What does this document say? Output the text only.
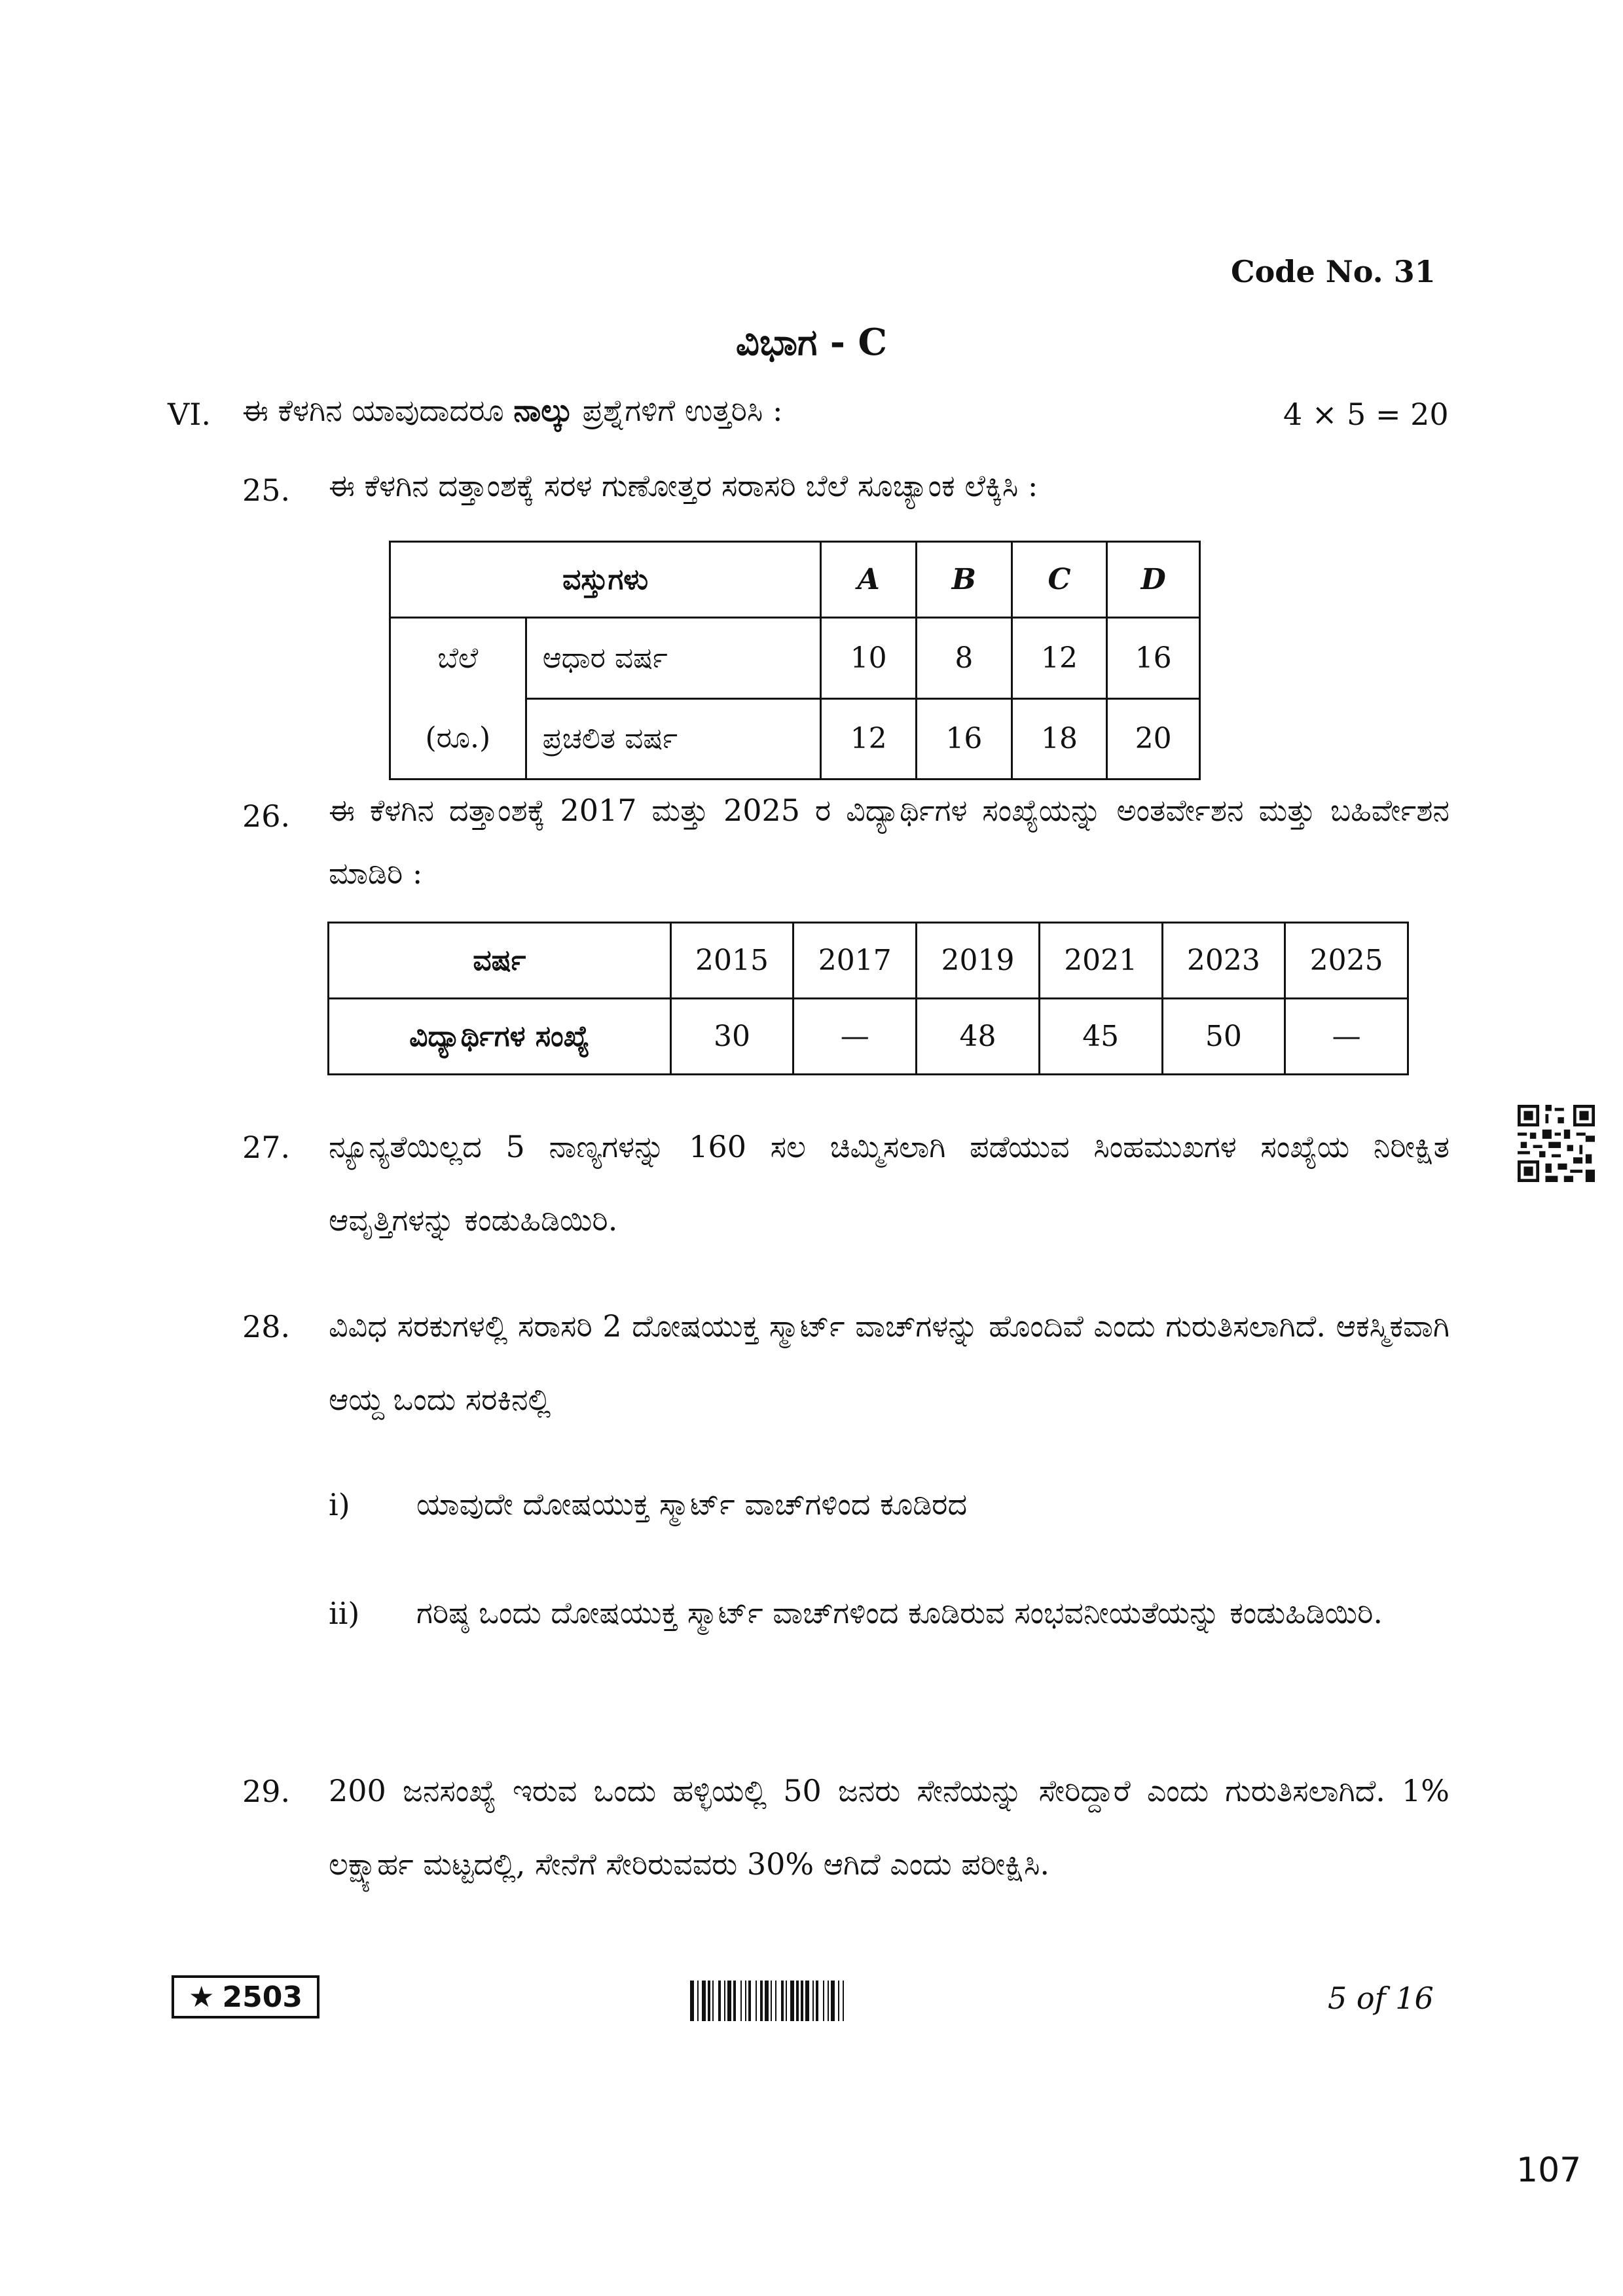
Code No. 31
ವಿಭಾಗ - C
VI. ಈ ಕೆಳಗಿನ ಯಾವುದಾದರೂ ನಾಲ್ಕು ಪ್ರಶ್ನೆಗಳಿಗೆ ಉತ್ತರಿಸಿ :	4 × 5 = 20
25. ಈ ಕೆಳಗಿನ ದತ್ತಾಂಶಕ್ಕೆ ಸರಳ ಗುಣೋತ್ತರ ಸರಾಸರಿ ಬೆಲೆ ಸೂಚ್ಯಾಂಕ ಲೆಕ್ಕಿಸಿ :
ವಸ್ತುಗಳು		A	B	C	D

ಬೆಲೆ
(ರೂ.)	ಆಧಾರ ವರ್ಷ	10	8	12	16
	ಪ್ರಚಲಿತ ವರ್ಷ	12	16	18	20
26. ಈ ಕೆಳಗಿನ ದತ್ತಾಂಶಕ್ಕೆ 2017 ಮತ್ತು 2025 ರ ವಿದ್ಯಾರ್ಥಿಗಳ ಸಂಖ್ಯೆಯನ್ನು ಅಂತರ್ವೇಶನ ಮತ್ತು ಬಹಿರ್ವೇಶನ ಮಾಡಿರಿ :
ವರ್ಷ	2015	2017	2019	2021	2023	2025
ವಿದ್ಯಾರ್ಥಿಗಳ ಸಂಖ್ಯೆ	30	—	48	45	50	—
27. ನ್ಯೂನ್ಯತೆಯಿಲ್ಲದ 5 ನಾಣ್ಯಗಳನ್ನು 160 ಸಲ ಚಿಮ್ಮಿಸಲಾಗಿ ಪಡೆಯುವ ಸಿಂಹಮುಖಗಳ ಸಂಖ್ಯೆಯ ನಿರೀಕ್ಷಿತ ಆವೃತ್ತಿಗಳನ್ನು ಕಂಡುಹಿಡಿಯಿರಿ.
28. ವಿವಿಧ ಸರಕುಗಳಲ್ಲಿ ಸರಾಸರಿ 2 ದೋಷಯುಕ್ತ ಸ್ಮಾರ್ಟ್ ವಾಚ್‌ಗಳನ್ನು ಹೊಂದಿವೆ ಎಂದು ಗುರುತಿಸಲಾಗಿದೆ. ಆಕಸ್ಮಿಕವಾಗಿ ಆಯ್ದ ಒಂದು ಸರಕಿನಲ್ಲಿ
i) ಯಾವುದೇ ದೋಷಯುಕ್ತ ಸ್ಮಾರ್ಟ್ ವಾಚ್‌ಗಳಿಂದ ಕೂಡಿರದ
ii) ಗರಿಷ್ಠ ಒಂದು ದೋಷಯುಕ್ತ ಸ್ಮಾರ್ಟ್ ವಾಚ್‌ಗಳಿಂದ ಕೂಡಿರುವ ಸಂಭವನೀಯತೆಯನ್ನು ಕಂಡುಹಿಡಿಯಿರಿ.
29. 200 ಜನಸಂಖ್ಯೆ ಇರುವ ಒಂದು ಹಳ್ಳಿಯಲ್ಲಿ 50 ಜನರು ಸೇನೆಯನ್ನು ಸೇರಿದ್ದಾರೆ ಎಂದು ಗುರುತಿಸಲಾಗಿದೆ. 1% ಲಕ್ಷ್ಯಾರ್ಹ ಮಟ್ಟದಲ್ಲಿ, ಸೇನೆಗೆ ಸೇರಿರುವವರು 30% ಆಗಿದೆ ಎಂದು ಪರೀಕ್ಷಿಸಿ.
★ 2503	5 of 16
107
